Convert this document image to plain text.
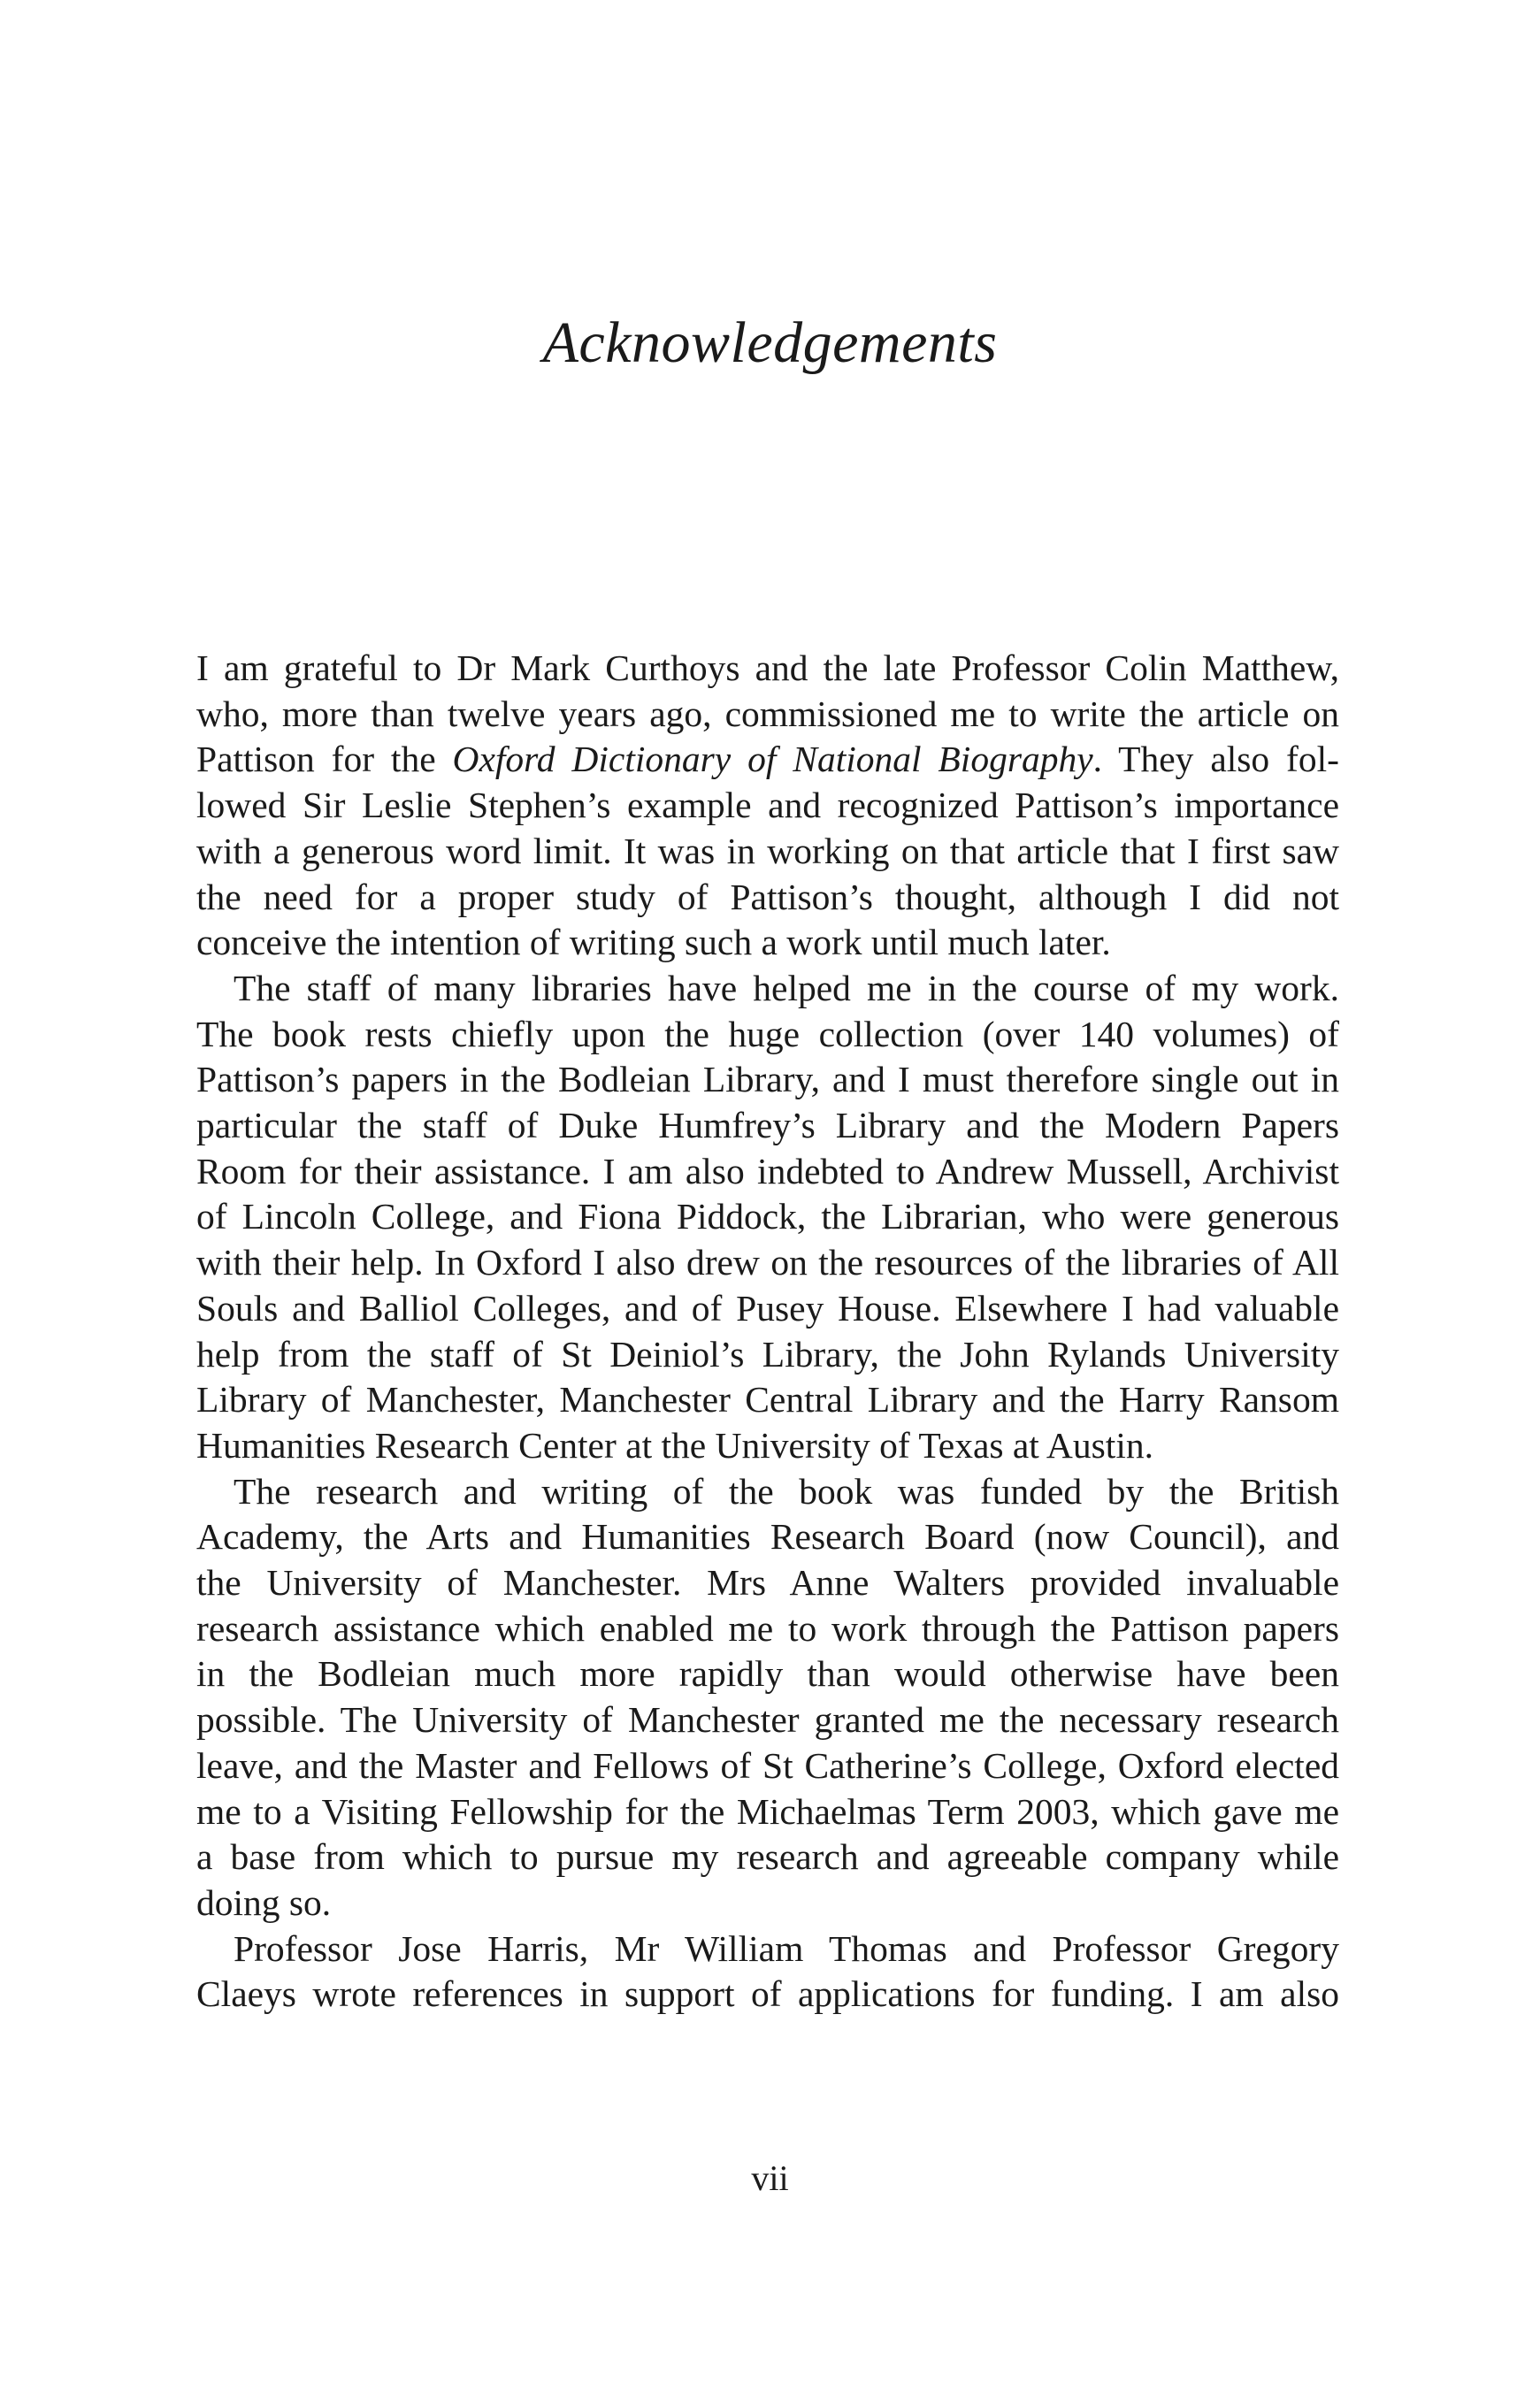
Acknowledgements
I am grateful to Dr Mark Curthoys and the late Professor Colin Matthew,
who, more than twelve years ago, commissioned me to write the article on
Pattison for the Oxford Dictionary of National Biography. They also fol-
lowed Sir Leslie Stephen’s example and recognized Pattison’s importance
with a generous word limit. It was in working on that article that I first saw
the need for a proper study of Pattison’s thought, although I did not
conceive the intention of writing such a work until much later.
The staff of many libraries have helped me in the course of my work.
The book rests chiefly upon the huge collection (over 140 volumes) of
Pattison’s papers in the Bodleian Library, and I must therefore single out in
particular the staff of Duke Humfrey’s Library and the Modern Papers
Room for their assistance. I am also indebted to Andrew Mussell, Archivist
of Lincoln College, and Fiona Piddock, the Librarian, who were generous
with their help. In Oxford I also drew on the resources of the libraries of All
Souls and Balliol Colleges, and of Pusey House. Elsewhere I had valuable
help from the staff of St Deiniol’s Library, the John Rylands University
Library of Manchester, Manchester Central Library and the Harry Ransom
Humanities Research Center at the University of Texas at Austin.
The research and writing of the book was funded by the British
Academy, the Arts and Humanities Research Board (now Council), and
the University of Manchester. Mrs Anne Walters provided invaluable
research assistance which enabled me to work through the Pattison papers
in the Bodleian much more rapidly than would otherwise have been
possible. The University of Manchester granted me the necessary research
leave, and the Master and Fellows of St Catherine’s College, Oxford elected
me to a Visiting Fellowship for the Michaelmas Term 2003, which gave me
a base from which to pursue my research and agreeable company while
doing so.
Professor Jose Harris, Mr William Thomas and Professor Gregory
Claeys wrote references in support of applications for funding. I am also
vii
